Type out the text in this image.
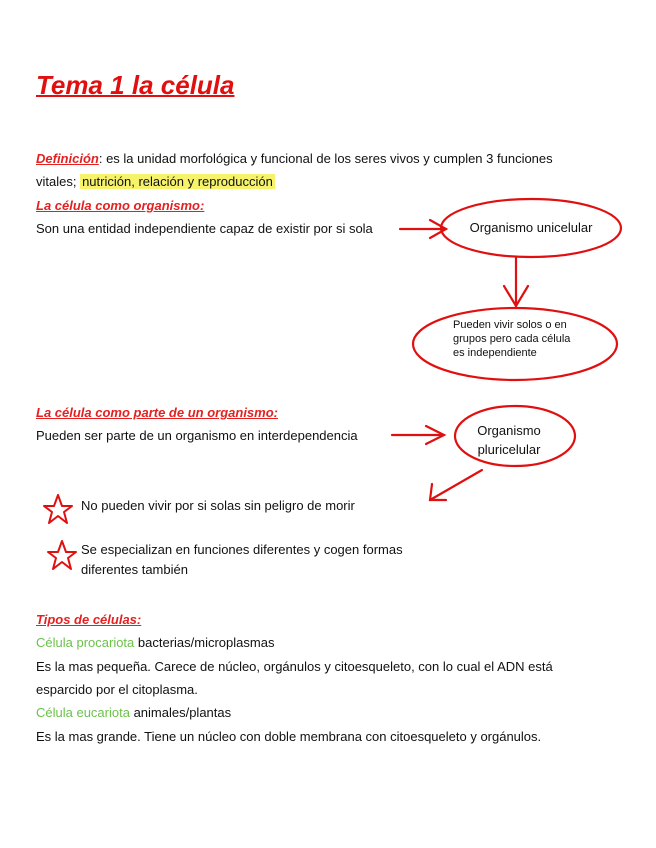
Tema 1 la célula
Definición: es la unidad morfológica y funcional de los seres vivos y cumplen 3 funciones
vitales; nutrición, relación y reproducción
La célula como organismo:
Son una entidad independiente capaz de existir por si sola
La célula como parte de un organismo:
Pueden ser parte de un organismo en interdependencia
Organismo unicelular
Pueden vivir solos o en
grupos pero cada célula
es independiente
Organismo
pluricelular
No pueden vivir por si solas sin peligro de morir
Se especializan en funciones diferentes y cogen formas
diferentes también
Tipos de células:
Célula procariota bacterias/microplasmas
Es la mas pequeña. Carece de núcleo, orgánulos y citoesqueleto, con lo cual el ADN está
esparcido por el citoplasma.
Célula eucariota animales/plantas
Es la mas grande. Tiene un núcleo con doble membrana con citoesqueleto y orgánulos.
